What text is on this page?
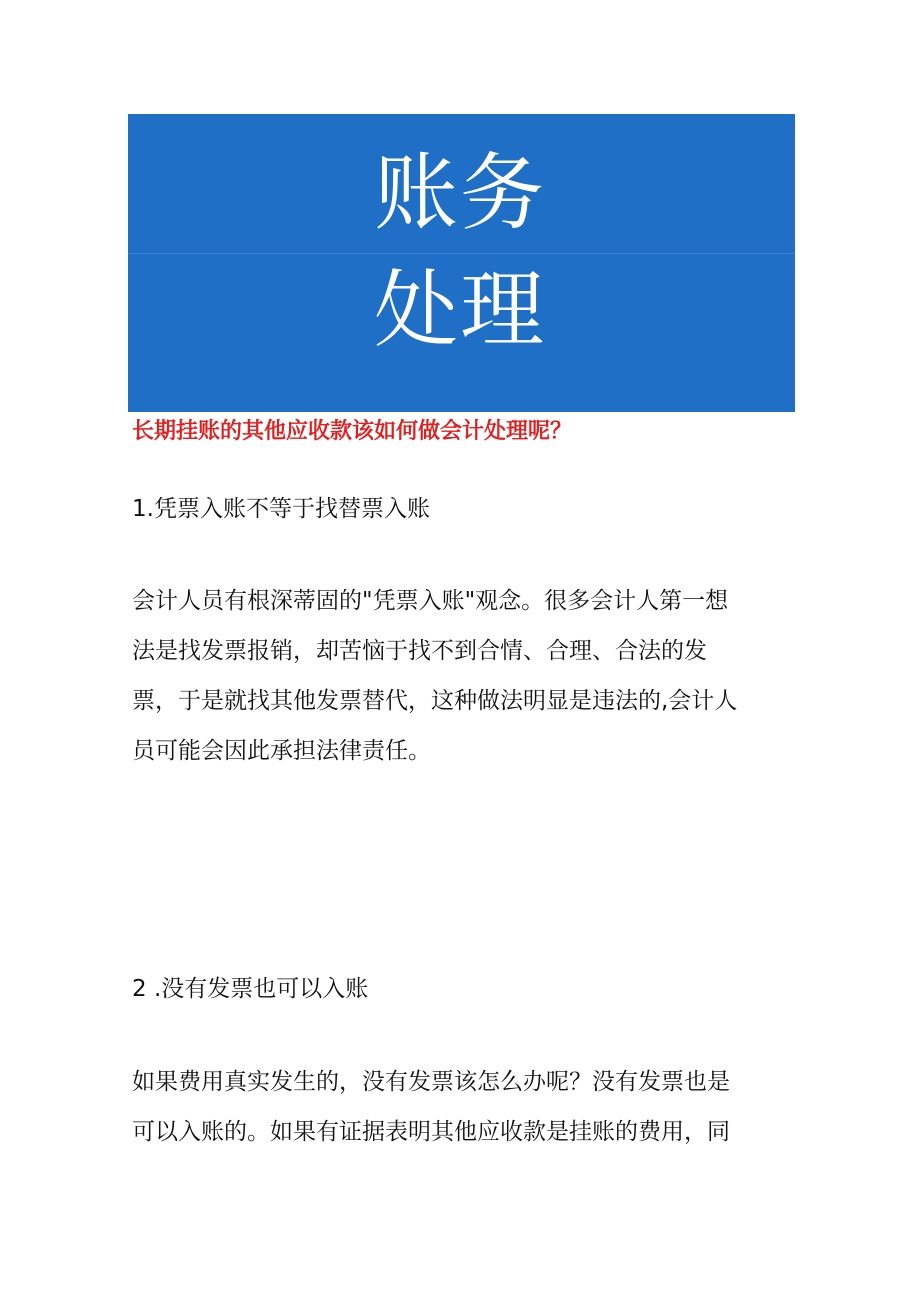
账务
处理
长期挂账的其他应收款该如何做会计处理呢？
1.凭票入账不等于找替票入账
会计人员有根深蒂固的"凭票入账"观念。很多会计人第一想
法是找发票报销，却苦恼于找不到合情、合理、合法的发
票，于是就找其他发票替代，这种做法明显是违法的,会计人
员可能会因此承担法律责任。
2 .没有发票也可以入账
如果费用真实发生的，没有发票该怎么办呢？没有发票也是
可以入账的。如果有证据表明其他应收款是挂账的费用，同
